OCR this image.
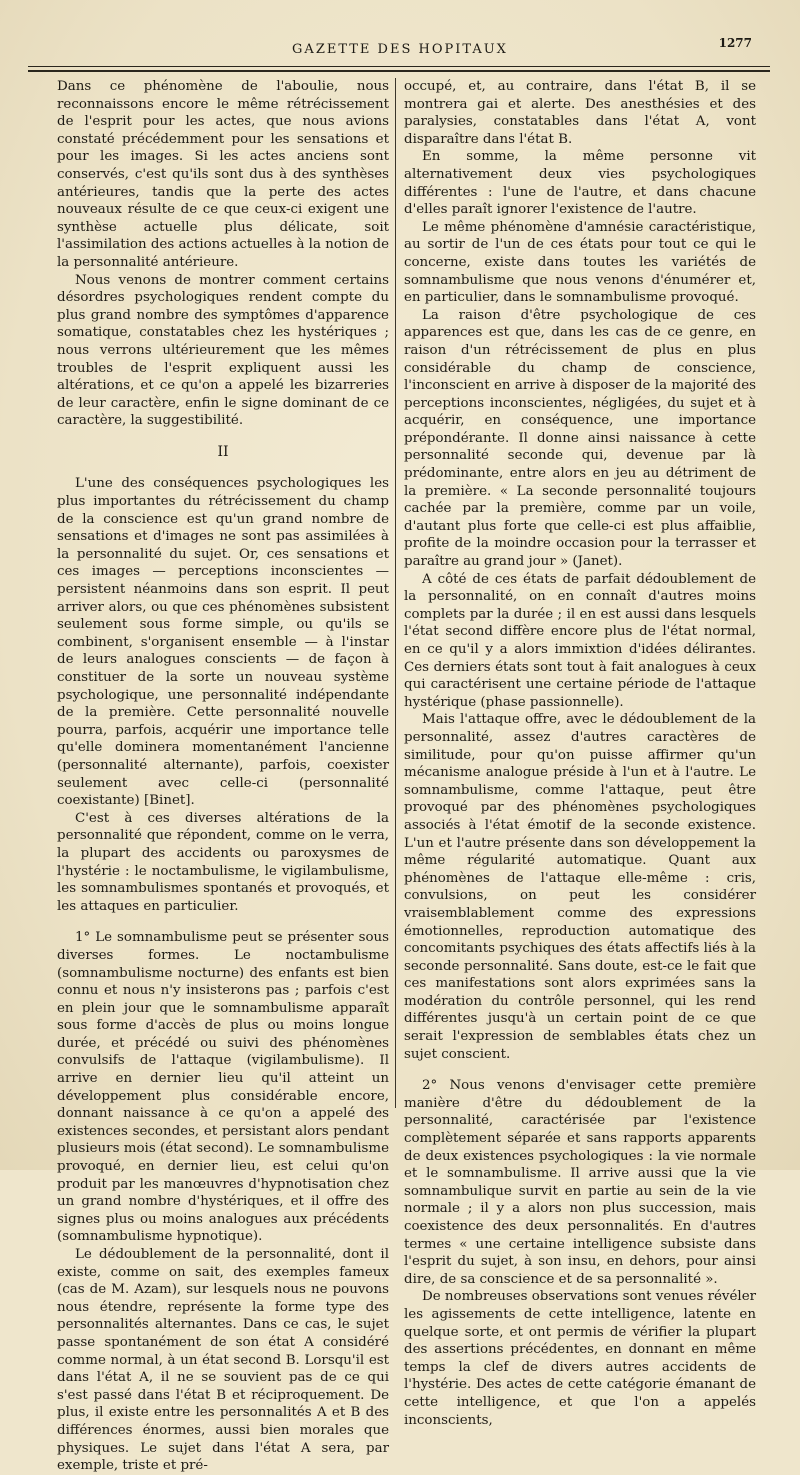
GAZETTE DES HOPITAUX	1277

Dans ce phénomène de l'aboulie, nous reconnaissons encore le même rétrécissement de l'esprit pour les actes, que nous avions constaté précédemment pour les sensations et pour les images. Si les actes anciens sont conservés, c'est qu'ils sont dus à des synthèses antérieures, tandis que la perte des actes nouveaux résulte de ce que ceux-ci exigent une synthèse actuelle plus délicate, soit l'assimilation des actions actuelles à la notion de la personnalité antérieure.

Nous venons de montrer comment certains désordres psychologiques rendent compte du plus grand nombre des symptômes d'apparence somatique, constatables chez les hystériques ; nous verrons ultérieurement que les mêmes troubles de l'esprit expliquent aussi les altérations, et ce qu'on a appelé les bizarreries de leur caractère, enfin le signe dominant de ce caractère, la suggestibilité.

II

L'une des conséquences psychologiques les plus importantes du rétrécissement du champ de la conscience est qu'un grand nombre de sensations et d'images ne sont pas assimilées à la personnalité du sujet. Or, ces sensations et ces images — perceptions inconscientes — persistent néanmoins dans son esprit. Il peut arriver alors, ou que ces phénomènes subsistent seulement sous forme simple, ou qu'ils se combinent, s'organisent ensemble — à l'instar de leurs analogues conscients — de façon à constituer de la sorte un nouveau système psychologique, une personnalité indépendante de la première. Cette personnalité nouvelle pourra, parfois, acquérir une importance telle qu'elle dominera momentanément l'ancienne (personnalité alternante), parfois, coexister seulement avec celle-ci (personnalité coexistante) [Binet].

C'est à ces diverses altérations de la personnalité que répondent, comme on le verra, la plupart des accidents ou paroxysmes de l'hystérie : le noctambulisme, le vigilambulisme, les somnambulismes spontanés et provoqués, et les attaques en particulier.

1° Le somnambulisme peut se présenter sous diverses formes. Le noctambulisme (somnambulisme nocturne) des enfants est bien connu et nous n'y insisterons pas ; parfois c'est en plein jour que le somnambulisme apparaît sous forme d'accès de plus ou moins longue durée, et précédé ou suivi des phénomènes convulsifs de l'attaque (vigilambulisme). Il arrive en dernier lieu qu'il atteint un développement plus considérable encore, donnant naissance à ce qu'on a appelé des existences secondes, et persistant alors pendant plusieurs mois (état second). Le somnambulisme provoqué, en dernier lieu, est celui qu'on produit par les manœuvres d'hypnotisation chez un grand nombre d'hystériques, et il offre des signes plus ou moins analogues aux précédents (somnambulisme hypnotique).

Le dédoublement de la personnalité, dont il existe, comme on sait, des exemples fameux (cas de M. Azam), sur lesquels nous ne pouvons nous étendre, représente la forme type des personnalités alternantes. Dans ce cas, le sujet passe spontanément de son état A considéré comme normal, à un état second B. Lorsqu'il est dans l'état A, il ne se souvient pas de ce qui s'est passé dans l'état B et réciproquement. De plus, il existe entre les personnalités A et B des différences énormes, aussi bien morales que physiques. Le sujet dans l'état A sera, par exemple, triste et pré-

occupé, et, au contraire, dans l'état B, il se montrera gai et alerte. Des anesthésies et des paralysies, constatables dans l'état A, vont disparaître dans l'état B.

En somme, la même personne vit alternativement deux vies psychologiques différentes : l'une de l'autre, et dans chacune d'elles paraît ignorer l'existence de l'autre.

Le même phénomène d'amnésie caractéristique, au sortir de l'un de ces états pour tout ce qui le concerne, existe dans toutes les variétés de somnambulisme que nous venons d'énumérer et, en particulier, dans le somnambulisme provoqué.

La raison d'être psychologique de ces apparences est que, dans les cas de ce genre, en raison d'un rétrécissement de plus en plus considérable du champ de conscience, l'inconscient en arrive à disposer de la majorité des perceptions inconscientes, négligées, du sujet et à acquérir, en conséquence, une importance prépondérante. Il donne ainsi naissance à cette personnalité seconde qui, devenue par là prédominante, entre alors en jeu au détriment de la première. « La seconde personnalité toujours cachée par la première, comme par un voile, d'autant plus forte que celle-ci est plus affaiblie, profite de la moindre occasion pour la terrasser et paraître au grand jour » (Janet).

A côté de ces états de parfait dédoublement de la personnalité, on en connaît d'autres moins complets par la durée ; il en est aussi dans lesquels l'état second diffère encore plus de l'état normal, en ce qu'il y a alors immixtion d'idées délirantes. Ces derniers états sont tout à fait analogues à ceux qui caractérisent une certaine période de l'attaque hystérique (phase passionnelle).

Mais l'attaque offre, avec le dédoublement de la personnalité, assez d'autres caractères de similitude, pour qu'on puisse affirmer qu'un mécanisme analogue préside à l'un et à l'autre. Le somnambulisme, comme l'attaque, peut être provoqué par des phénomènes psychologiques associés à l'état émotif de la seconde existence. L'un et l'autre présente dans son développement la même régularité automatique. Quant aux phénomènes de l'attaque elle-même : cris, convulsions, on peut les considérer vraisemblablement comme des expressions émotionnelles, reproduction automatique des concomitants psychiques des états affectifs liés à la seconde personnalité. Sans doute, est-ce le fait que ces manifestations sont alors exprimées sans la modération du contrôle personnel, qui les rend différentes jusqu'à un certain point de ce que serait l'expression de semblables états chez un sujet conscient.

2° Nous venons d'envisager cette première manière d'être du dédoublement de la personnalité, caractérisée par l'existence complètement séparée et sans rapports apparents de deux existences psychologiques : la vie normale et le somnambulisme. Il arrive aussi que la vie somnambulique survit en partie au sein de la vie normale ; il y a alors non plus succession, mais coexistence des deux personnalités. En d'autres termes « une certaine intelligence subsiste dans l'esprit du sujet, à son insu, en dehors, pour ainsi dire, de sa conscience et de sa personnalité ».

De nombreuses observations sont venues révéler les agissements de cette intelligence, latente en quelque sorte, et ont permis de vérifier la plupart des assertions précédentes, en donnant en même temps la clef de divers autres accidents de l'hystérie. Des actes de cette catégorie émanant de cette intelligence, et que l'on a appelés inconscients,
